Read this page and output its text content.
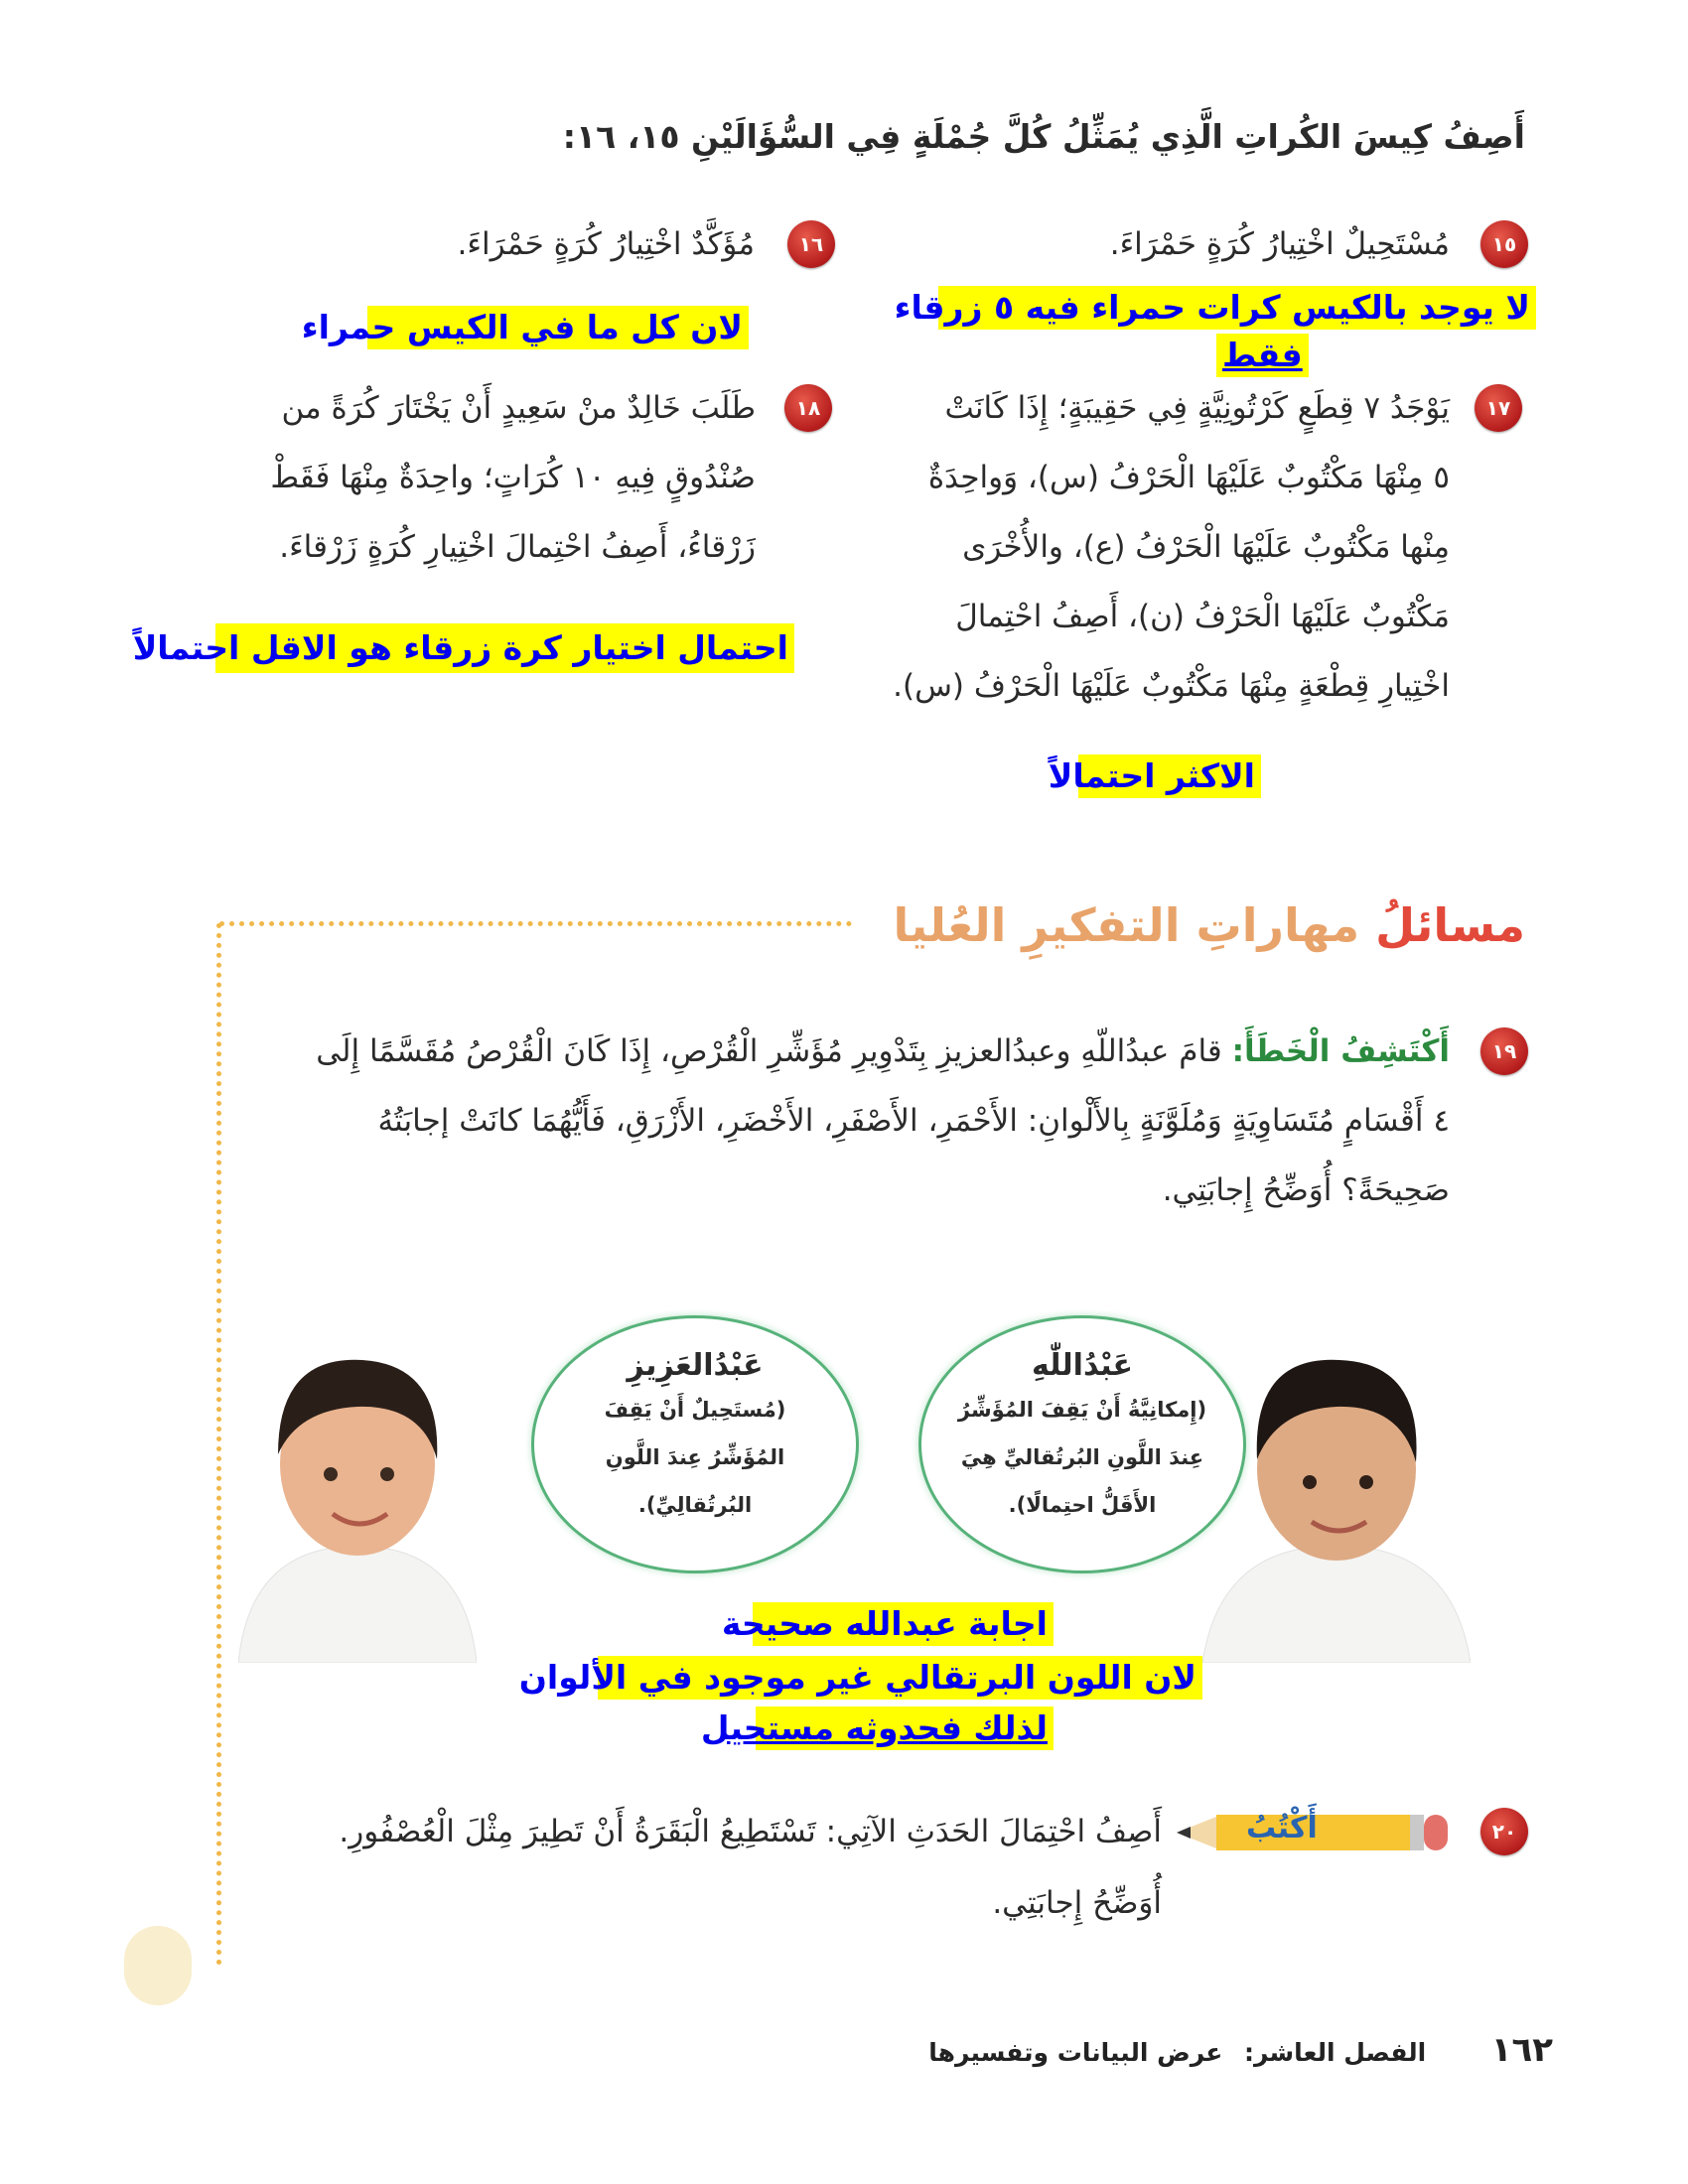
أَصِفُ كِيسَ الكُراتِ الَّذِي يُمَثِّلُ كُلَّ جُمْلَةٍ فِي السُّؤَالَيْنِ ١٥، ١٦:
١٥
مُسْتَحِيلٌ اخْتِيارُ كُرَةٍ حَمْرَاءَ.
١٦
مُؤَكَّدٌ اخْتِيارُ كُرَةٍ حَمْرَاءَ.
لا يوجد بالكيس كرات حمراء فيه ٥ زرقاء
فقط
لان كل ما في الكيس حمراء
١٧
يَوْجَدُ ٧ قِطَعٍ كَرْتُونِيَّةٍ فِي حَقِيبَةٍ؛ إِذَا كَانَتْ
٥ مِنْهَا مَكْتُوبٌ عَلَيْهَا الْحَرْفُ (س)، وَواحِدَةٌ
مِنْها مَكْتُوبٌ عَلَيْهَا الْحَرْفُ (ع)، والأُخْرَى
مَكْتُوبٌ عَلَيْهَا الْحَرْفُ (ن)، أَصِفُ احْتِمالَ
اخْتِيارِ قِطْعَةٍ مِنْهَا مَكْتُوبٌ عَلَيْهَا الْحَرْفُ (س).
١٨
طَلَبَ خَالِدٌ منْ سَعِيدٍ أَنْ يَخْتَارَ كُرَةً من
صُنْدُوقٍ فِيهِ ١٠ كُرَاتٍ؛ واحِدَةٌ مِنْهَا فَقَطْ
زَرْقاءُ، أَصِفُ احْتِمالَ اخْتِيارِ كُرَةٍ زَرْقاءَ.
احتمال اختيار كرة زرقاء هو الاقل احتمالاً
الاكثر احتمالاً
مسائلُ مهاراتِ التفكيرِ العُليا
١٩
أَكْتَشِفُ الْخَطَأَ: قامَ عبدُاللّهِ وعبدُالعزيزِ بِتَدْوِيرِ مُؤَشِّرِ الْقُرْصِ، إِذَا كَانَ الْقُرْصُ مُقَسَّمًا إِلَى
٤ أَقْسَامٍ مُتَسَاوِيَةٍ وَمُلَوَّنَةٍ بِالأَلْوانِ: الأَحْمَرِ، الأَصْفَرِ، الأَخْضَرِ، الأَزْرَقِ، فَأَيُّهُمَا كانَتْ إجابَتُهُ
صَحِيحَةً؟ أُوَضِّحُ إِجابَتِي.
عَبْدُاللّٰهِ
(إِمكانِيَّةُ أَنْ يَقِفَ المُؤَشِّرُ
عِندَ اللَّونِ البُرتُقاليِّ هِيَ
الأَقَلُّ احتِمالًا).
عَبْدُالعَزِيزِ
(مُستَحِيلٌ أَنْ يَقِفَ
المُؤَشِّرُ عِندَ اللَّونِ
البُرتُقالِيِّ).
اجابة عبدالله صحيحة
لان اللون البرتقالي غير موجود في الألوان
لذلك فحدوثه مستحيل
٢٠
أَكْتُبُ
أَصِفُ احْتِمَالَ الحَدَثِ الآتِي: تَسْتَطِيعُ الْبَقَرَةُ أَنْ تَطِيرَ مِثْلَ الْعُصْفُورِ.
أُوَضِّحُ إِجابَتِي.
١٦٢ الفصل العاشر: عرض البيانات وتفسيرها
